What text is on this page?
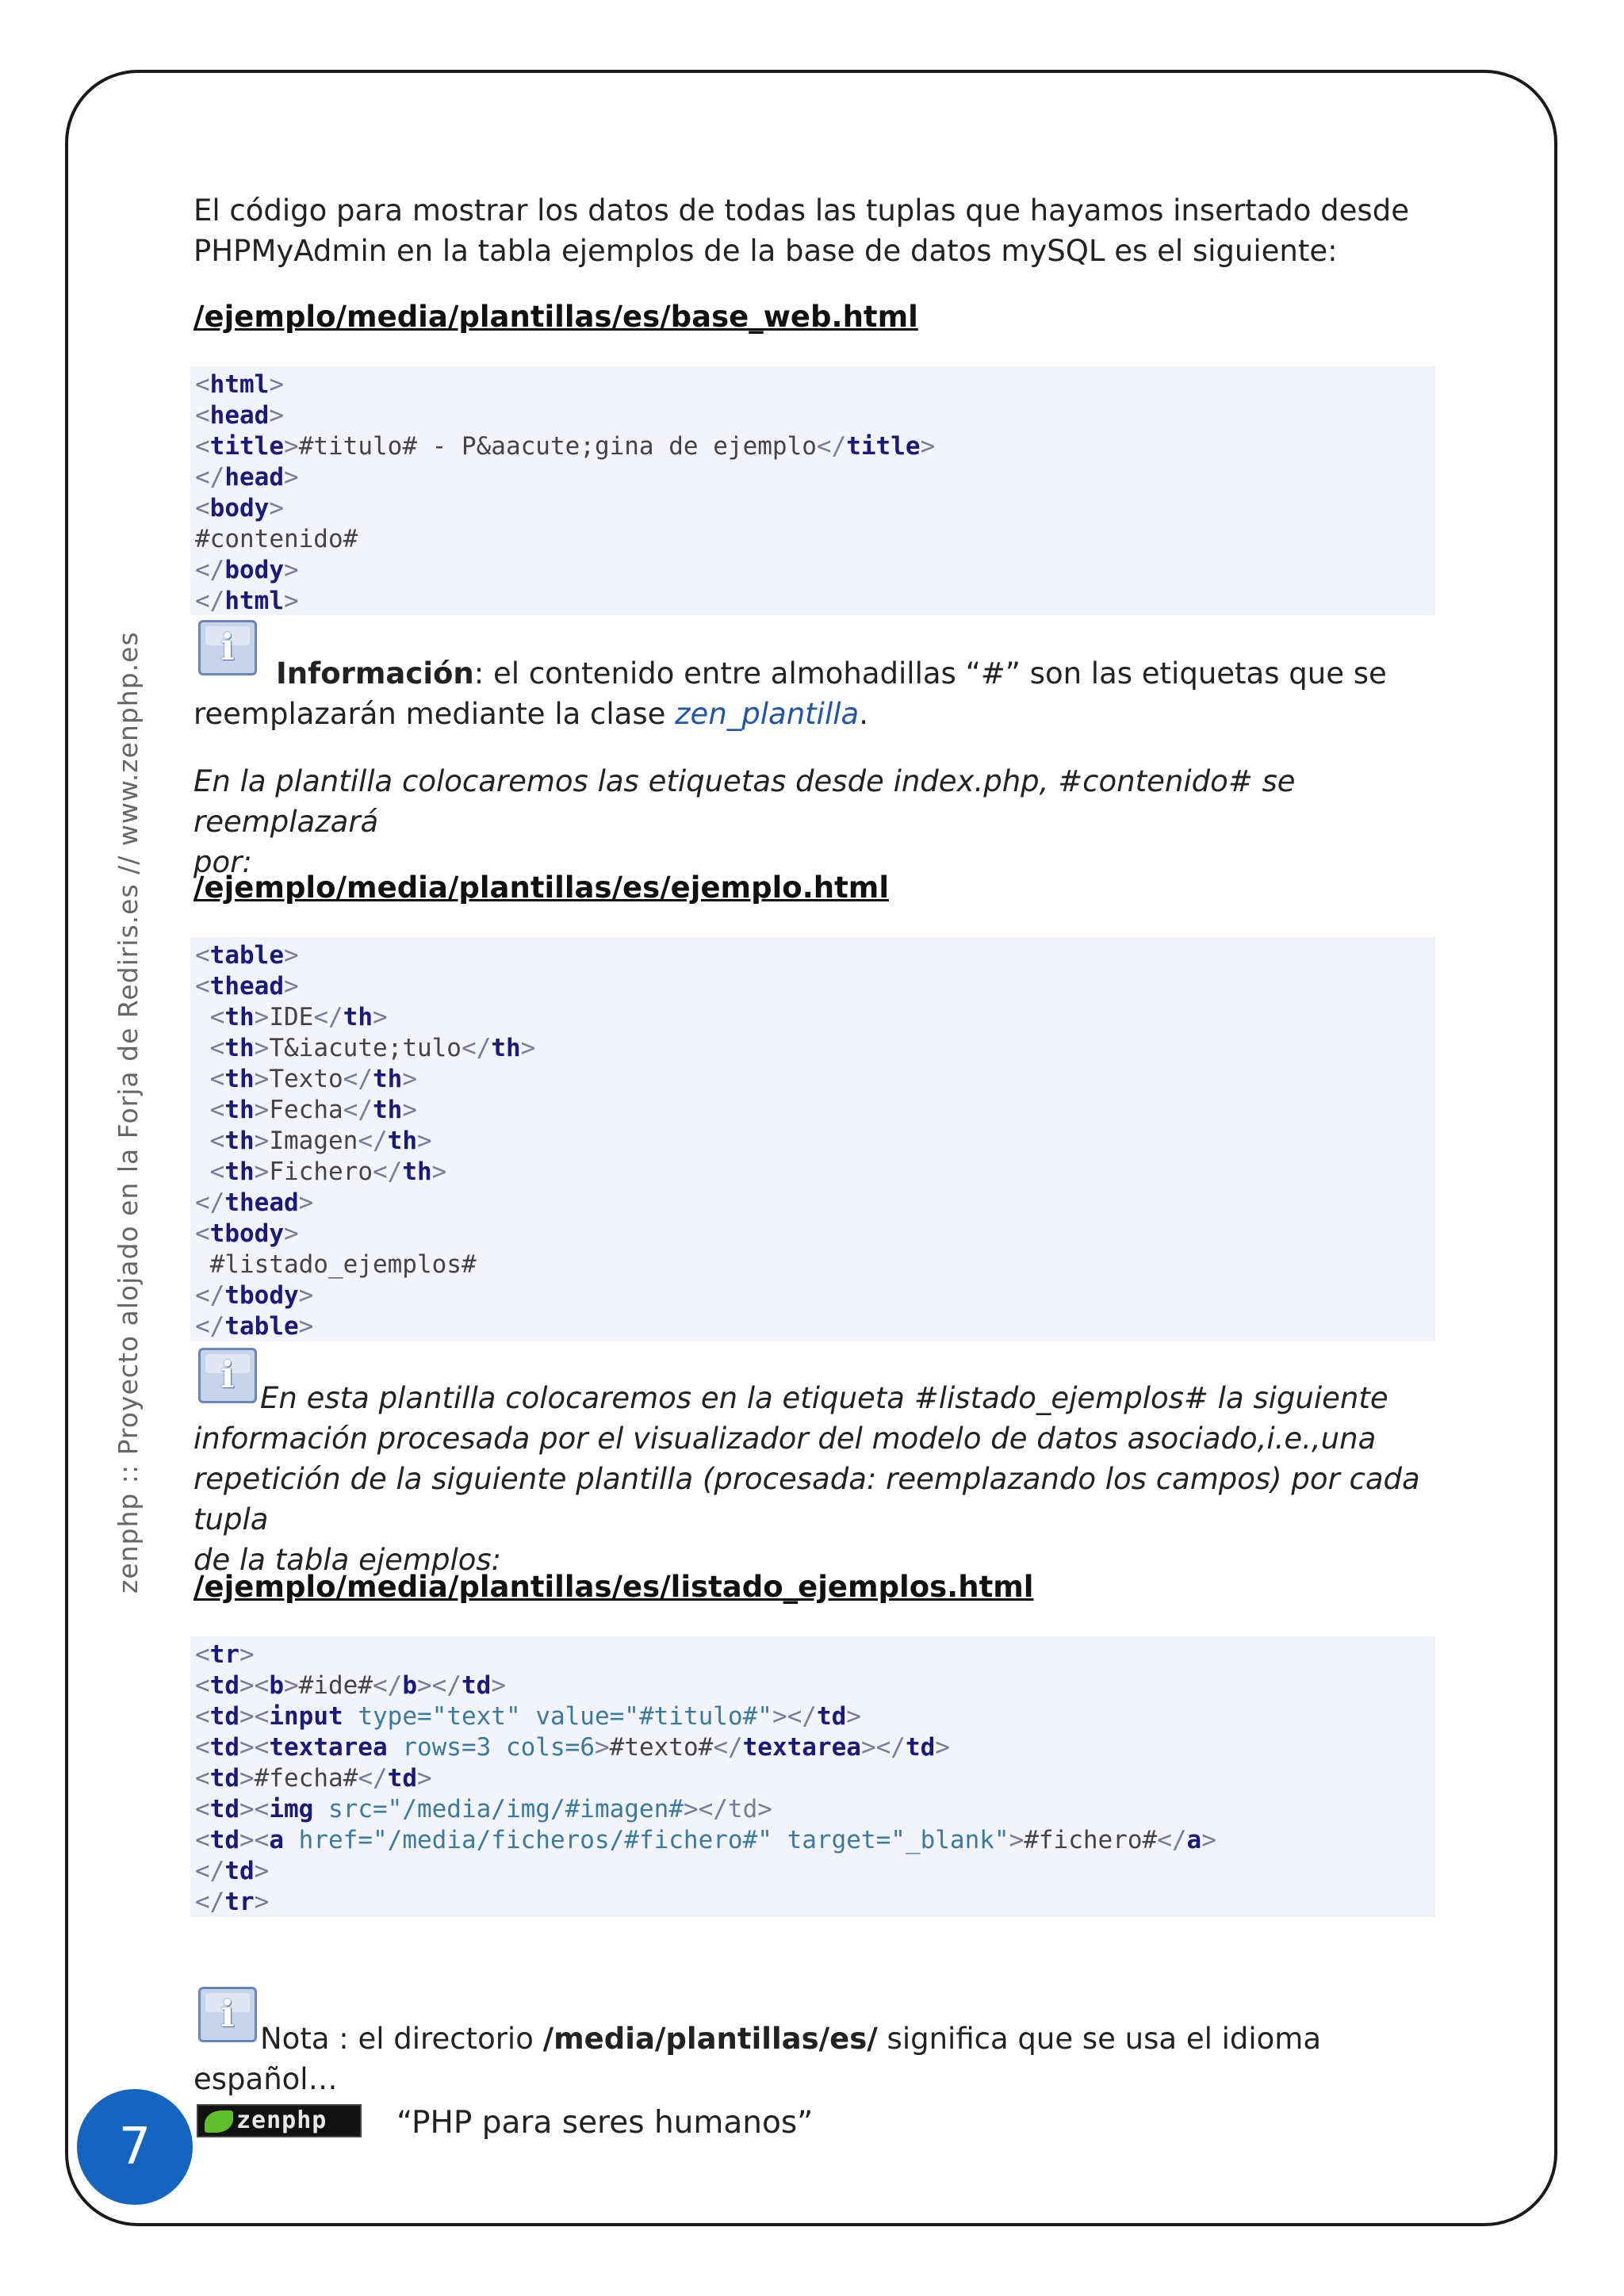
zenphp :: Proyecto alojado en la Forja de Rediris.es // www.zenphp.es

El código para mostrar los datos de todas las tuplas que hayamos insertado desde
PHPMyAdmin en la tabla ejemplos de la base de datos mySQL es el siguiente:

/ejemplo/media/plantillas/es/base_web.html
<html>
<head>
<title>#titulo# - P&aacute;gina de ejemplo</title>
</head>
<body>
#contenido#
</body>
</html>
i

Información: el contenido entre almohadillas “#” son las etiquetas que se
reemplazarán mediante la clase zen_plantilla.

En la plantilla colocaremos las etiquetas desde index.php, #contenido# se reemplazará
por:

/ejemplo/media/plantillas/es/ejemplo.html
<table>
<thead>
<th>IDE</th>
<th>T&iacute;tulo</th>
<th>Texto</th>
<th>Fecha</th>
<th>Imagen</th>
<th>Fichero</th>
</thead>
<tbody>
#listado_ejemplos#
</tbody>
</table>
i

En esta plantilla colocaremos en la etiqueta #listado_ejemplos# la siguiente
información procesada por el visualizador del modelo de datos asociado,i.e.,una
repetición de la siguiente plantilla (procesada: reemplazando los campos) por cada tupla
de la tabla ejemplos:

/ejemplo/media/plantillas/es/listado_ejemplos.html
<tr>
<td><b>#ide#</b></td>
<td><input type="text" value="#titulo#"></td>
<td><textarea rows=3 cols=6>#texto#</textarea></td>
<td>#fecha#</td>
<td><img src="/media/img/#imagen#></td>
<td><a href="/media/ficheros/#fichero#" target="_blank">#fichero#</a>
</td>
</tr>
i

Nota : el directorio /media/plantillas/es/ significa que se usa el idioma español…

zenphp “PHP para seres humanos”
7
